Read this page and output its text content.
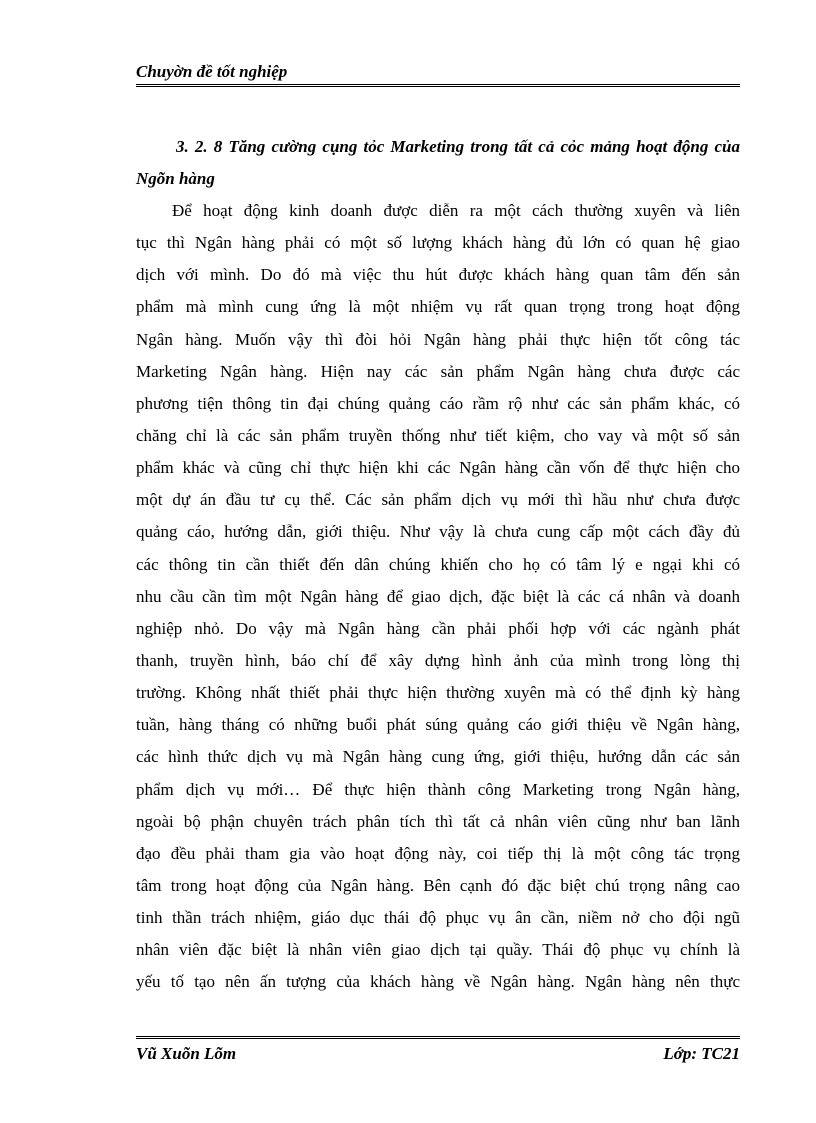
Chuyờn đề tốt nghiệp
3. 2. 8 Tăng cường cụng tỏc Marketing trong tất cả cỏc mảng hoạt động của Ngõn hàng
Để hoạt động kinh doanh được diễn ra một cách thường xuyên và liên
tục thì Ngân hàng phải có một số lượng khách hàng đủ lớn có quan hệ giao
dịch với mình. Do đó mà việc thu hút được khách hàng quan tâm đến sản
phẩm mà mình cung ứng là một nhiệm vụ rất quan trọng trong hoạt động
Ngân hàng. Muốn vậy thì đòi hỏi Ngân hàng phải thực hiện tốt công tác
Marketing Ngân hàng. Hiện nay các sản phẩm Ngân hàng chưa được các
phương tiện thông tin đại chúng quảng cáo rầm rộ như các sản phẩm khác, có
chăng chỉ là các sản phẩm truyền thống như tiết kiệm, cho vay và một số sản
phẩm khác và cũng chỉ thực hiện khi các Ngân hàng cần vốn để thực hiện cho
một dự án đầu tư cụ thể. Các sản phẩm dịch vụ mới thì hầu như chưa được
quảng cáo, hướng dẫn, giới thiệu. Như vậy là chưa cung cấp một cách đầy đủ
các thông tin cần thiết đến dân chúng khiến cho họ có tâm lý e ngại khi có
nhu cầu cần tìm một Ngân hàng để giao dịch, đặc biệt là các cá nhân và doanh
nghiệp nhỏ. Do vậy mà Ngân hàng cần phải phối hợp với các ngành phát
thanh, truyền hình, báo chí để xây dựng hình ảnh của mình trong lòng thị
trường. Không nhất thiết phải thực hiện thường xuyên mà có thể định kỳ hàng
tuần, hàng tháng có những buổi phát súng quảng cáo giới thiệu về Ngân hàng,
các hình thức dịch vụ mà Ngân hàng cung ứng, giới thiệu, hướng dẫn các sản
phẩm dịch vụ mới… Để thực hiện thành công Marketing trong Ngân hàng,
ngoài bộ phận chuyên trách phân tích thì tất cả nhân viên cũng như ban lãnh
đạo đều phải tham gia vào hoạt động này, coi tiếp thị là một công tác trọng
tâm trong hoạt động của Ngân hàng. Bên cạnh đó đặc biệt chú trọng nâng cao
tinh thần trách nhiệm, giáo dục thái độ phục vụ ân cần, niềm nở cho đội ngũ
nhân viên đặc biệt là nhân viên giao dịch tại quầy. Thái độ phục vụ chính là
yếu tố tạo nên ấn tượng của khách hàng về Ngân hàng. Ngân hàng nên thực
Vũ Xuõn Lõm	Lớp: TC21
